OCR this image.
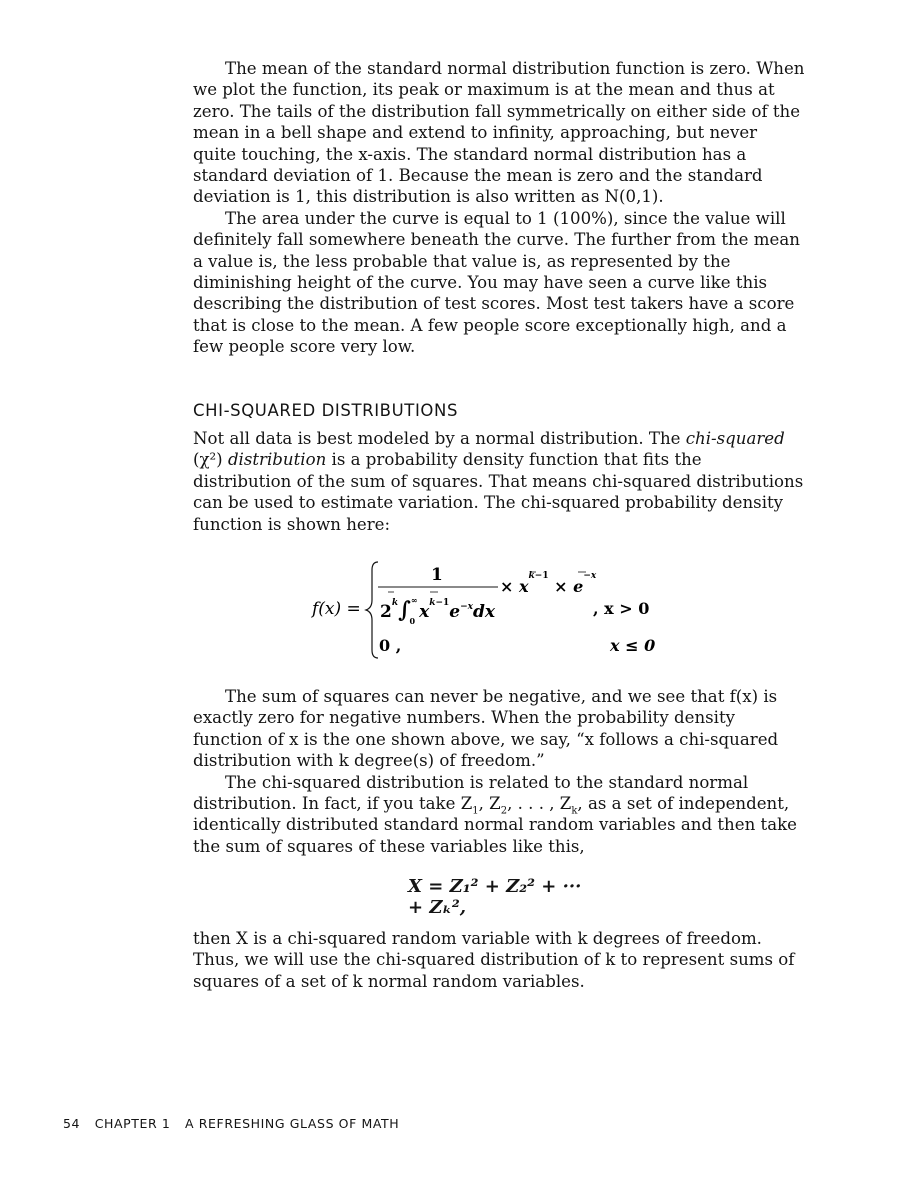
The mean of the standard normal distribution function is zero. When we plot the function, its peak or maximum is at the mean and thus at zero. The tails of the distribution fall symmetrically on either side of the mean in a bell shape and extend to infinity, approaching, but never quite touching, the x-axis. The standard normal distribution has a standard deviation of 1. Because the mean is zero and the standard deviation is 1, this distribution is also written as N(0,1).

The area under the curve is equal to 1 (100%), since the value will definitely fall somewhere beneath the curve. The further from the mean a value is, the less probable that value is, as represented by the diminishing height of the curve. You may have seen a curve like this describing the distribution of test scores. Most test takers have a score that is close to the mean. A few people score exceptionally high, and a few people score very low.

CHI-SQUARED DISTRIBUTIONS

Not all data is best modeled by a normal distribution. The chi-squared (χ²) distribution is a probability density function that fits the distribution of the sum of squares. That means chi-squared distributions can be used to estimate variation. The chi-squared probability density function is shown here:

f(x) =
1
2$^k$∫∞ 0 $x^k-1e^{-x}dx$
× $x^k-1 \times e^{-x}$
, x > 0
0 ,	x ≤ 0

The sum of squares can never be negative, and we see that f(x) is exactly zero for negative numbers. When the probability density function of x is the one shown above, we say, “x follows a chi-squared distribution with k degree(s) of freedom.”

The chi-squared distribution is related to the standard normal distribution. In fact, if you take $Z_1$, $Z_2$, . . . , $Z_k$, as a set of independent, identically distributed standard normal random variables and then take the sum of squares of these variables like this,

X = Z₁² + Z₂² + ··· + Zₖ²,

then X is a chi-squared random variable with k degrees of freedom. Thus, we will use the chi-squared distribution of k to represent sums of squares of a set of k normal random variables.

54 CHAPTER 1 A REFRESHING GLASS OF MATH
